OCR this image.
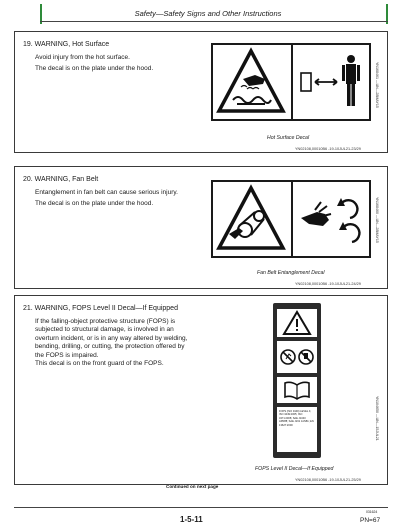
Safety—Safety Signs and Other Instructions
19. WARNING, Hot Surface
Avoid injury from the hot surface.
The decal is on the plate under the hood.	YN168461 —UN—28MAY15
Hot Surface Decal
YN02108,00010B6 -19-10JUL21-23/29
20. WARNING, Fan Belt
Entanglement in fan belt can cause serious injury.
The decal is on the plate under the hood.	YN168460 —UN—28MAY15
Fan Belt Entanglement Decal
YN02108,00010B6 -19-10JUL21-24/29
21. WARNING, FOPS Level II Decal—If Equipped
If the falling-object protective structure (FOPS) is subjected to structural damage, is involved in an overturn incident, or is in any way altered by welding, bending, drilling, or cutting, the protection offered by the FOPS is impaired.
This decal is on the front guard of the FOPS.
FOPS (ISO 3449) LEVEL II, ISO 3449:2005; ISO 3471:2008; SAE J1040 APR88; SAE J231 JAN81; EN 13627:2000	YN104650 —UN—15JUL21
FOPS Level II Decal—If Equipped
YN02108,00010B6 -19-10JUL21-25/29
Continued on next page
1-5-11
031624
PN=67
